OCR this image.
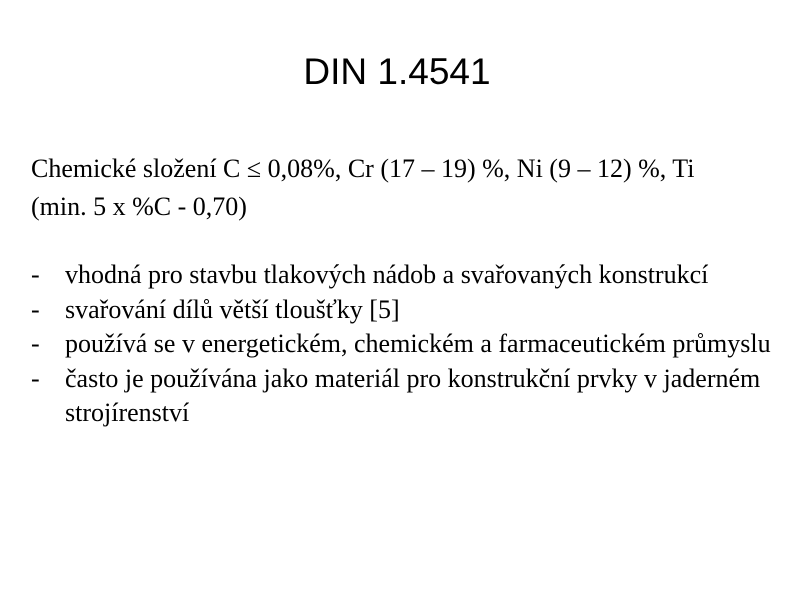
DIN 1.4541

Chemické složení C ≤ 0,08%, Cr (17 – 19) %, Ni (9 – 12) %, Ti (min. 5 x %C - 0,70)

- vhodná pro stavbu tlakových nádob a svařovaných konstrukcí
- svařování dílů větší tloušťky [5]
- používá se v energetickém, chemickém a farmaceutickém průmyslu
- často je používána jako materiál pro konstrukční prvky v jaderném strojírenství
